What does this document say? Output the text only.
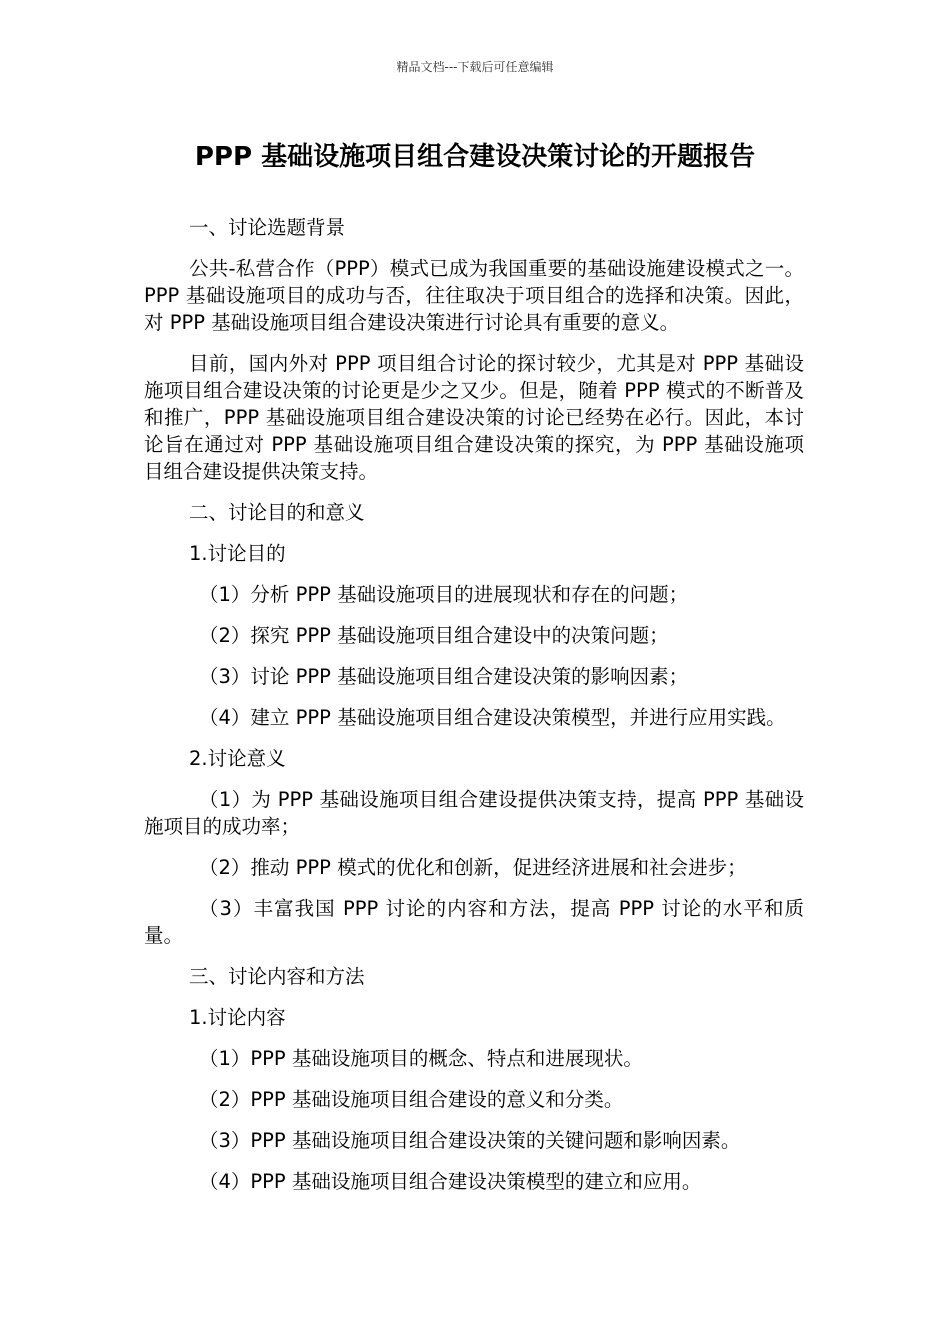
精品文档---下载后可任意编辑
PPP 基础设施项目组合建设决策讨论的开题报告

一、讨论选题背景

公共-私营合作（PPP）模式已成为我国重要的基础设施建设模式之一。PPP 基础设施项目的成功与否，往往取决于项目组合的选择和决策。因此，对 PPP 基础设施项目组合建设决策进行讨论具有重要的意义。

目前，国内外对 PPP 项目组合讨论的探讨较少，尤其是对 PPP 基础设施项目组合建设决策的讨论更是少之又少。但是，随着 PPP 模式的不断普及和推广，PPP 基础设施项目组合建设决策的讨论已经势在必行。因此，本讨论旨在通过对 PPP 基础设施项目组合建设决策的探究，为 PPP 基础设施项目组合建设提供决策支持。

二、讨论目的和意义

1.讨论目的

（1）分析 PPP 基础设施项目的进展现状和存在的问题；

（2）探究 PPP 基础设施项目组合建设中的决策问题；

（3）讨论 PPP 基础设施项目组合建设决策的影响因素；

（4）建立 PPP 基础设施项目组合建设决策模型，并进行应用实践。

2.讨论意义

（1）为 PPP 基础设施项目组合建设提供决策支持，提高 PPP 基础设施项目的成功率；

（2）推动 PPP 模式的优化和创新，促进经济进展和社会进步；

（3）丰富我国 PPP 讨论的内容和方法，提高 PPP 讨论的水平和质量。

三、讨论内容和方法

1.讨论内容

（1）PPP 基础设施项目的概念、特点和进展现状。

（2）PPP 基础设施项目组合建设的意义和分类。

（3）PPP 基础设施项目组合建设决策的关键问题和影响因素。

（4）PPP 基础设施项目组合建设决策模型的建立和应用。
